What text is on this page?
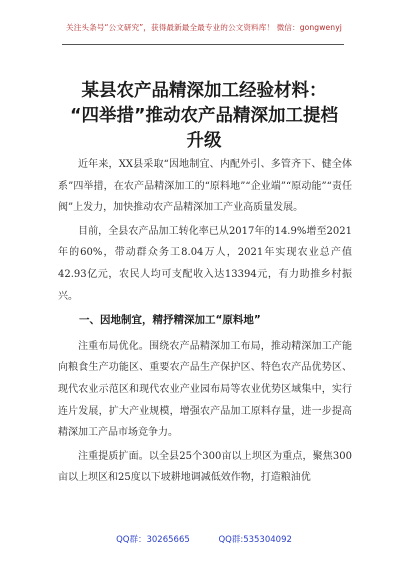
关注头条号“公文研究”，获得最新最全最专业的公文资料库！ 微信：gongwenyj
某县农产品精深加工经验材料：
“四举措”推动农产品精深加工提档
升级

近年来，XX县采取“因地制宜、内配外引、多管齐下、健全体系”四举措，在农产品精深加工的“原料地”“企业端”“原动能”“责任阀”上发力，加快推动农产品精深加工产业高质量发展。

目前，全县农产品加工转化率已从2017年的14.9%增至2021年的60%，带动群众务工8.04万人，2021年实现农业总产值42.93亿元，农民人均可支配收入达13394元，有力助推乡村振兴。

一、因地制宜，精抒精深加工“原料地”

注重布局优化。围绕农产品精深加工布局，推动精深加工产能向粮食生产功能区、重要农产品生产保护区、特色农产品优势区、现代农业示范区和现代农业产业园布局等农业优势区域集中，实行连片发展，扩大产业规模，增强农产品加工原料存量，进一步提高精深加工产品市场竞争力。

注重提质扩面。以全县25个300亩以上坝区为重点，聚焦300亩以上坝区和25度以下坡耕地调减低效作物，打造粮油优

QQ群：30265665	QQ群:535304092
